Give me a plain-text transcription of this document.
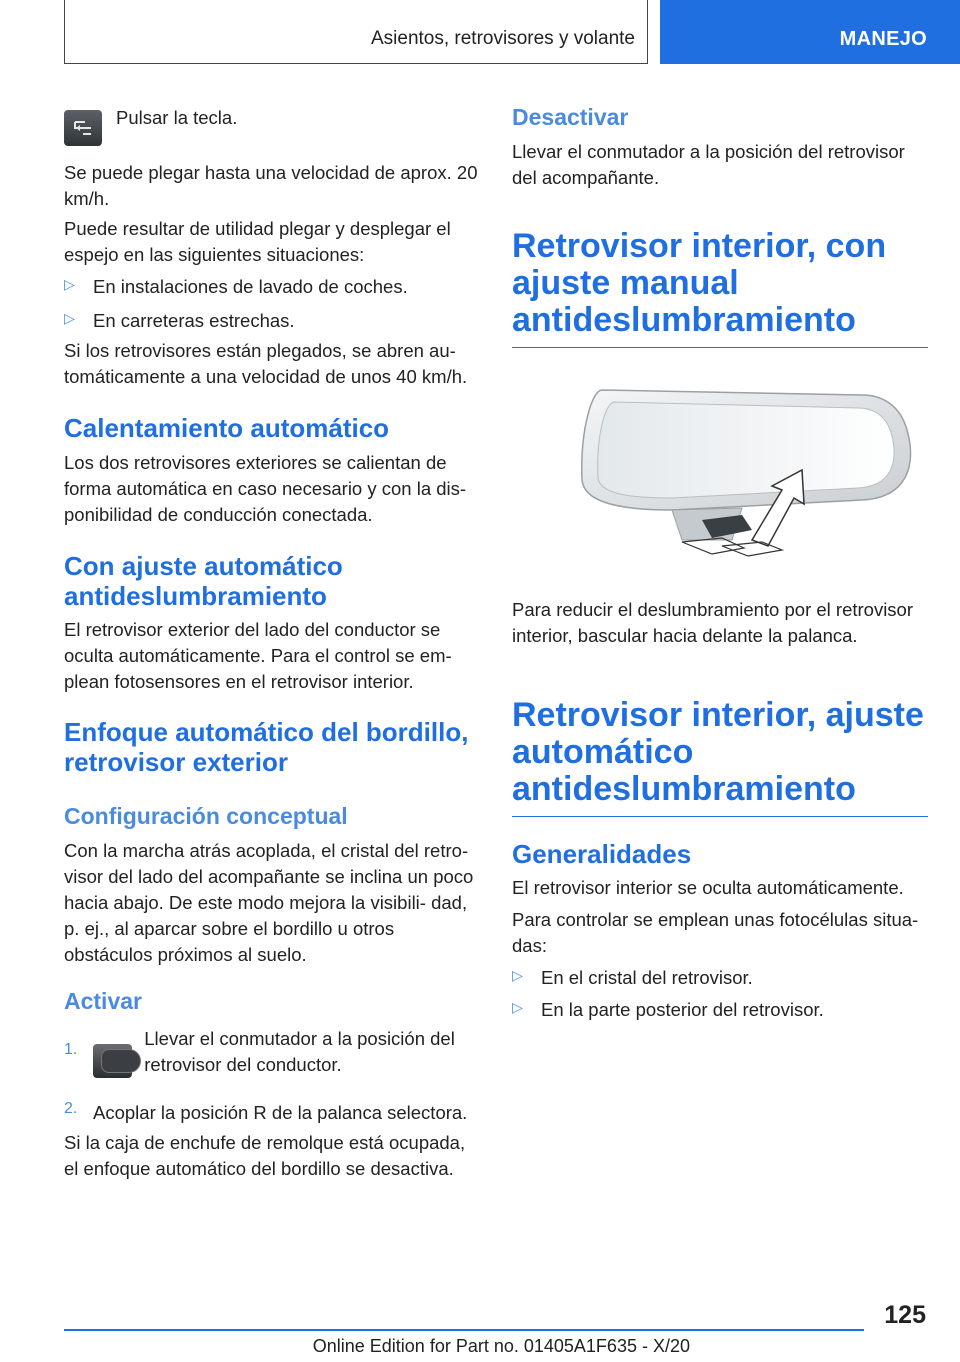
Asientos, retrovisores y volante	MANEJO

Pulsar la tecla.

Se puede plegar hasta una velocidad de aprox. 20 km/h.

Puede resultar de utilidad plegar y desplegar el espejo en las siguientes situaciones:

▷ En instalaciones de lavado de coches.

▷ En carreteras estrechas.

Si los retrovisores están plegados, se abren au- tomáticamente a una velocidad de unos 40 km/h.

Calentamiento automático

Los dos retrovisores exteriores se calientan de forma automática en caso necesario y con la dis- ponibilidad de conducción conectada.

Con ajuste automático antideslumbramiento

El retrovisor exterior del lado del conductor se oculta automáticamente. Para el control se em- plean fotosensores en el retrovisor interior.

Enfoque automático del bordillo, retrovisor exterior
Configuración conceptual

Con la marcha atrás acoplada, el cristal del retro- visor del lado del acompañante se inclina un poco hacia abajo. De este modo mejora la visibili- dad, p. ej., al aparcar sobre el bordillo u otros obstáculos próximos al suelo.

Activar
1.

Llevar el conmutador a la posición del retrovisor del conductor.

2. Acoplar la posición R de la palanca selectora.

Si la caja de enchufe de remolque está ocupada, el enfoque automático del bordillo se desactiva.

Desactivar

Llevar el conmutador a la posición del retrovisor del acompañante.

Retrovisor interior, con ajuste manual antideslumbramiento

Para reducir el deslumbramiento por el retrovisor interior, bascular hacia delante la palanca.

Retrovisor interior, ajuste automático antideslumbramiento
Generalidades

El retrovisor interior se oculta automáticamente.

Para controlar se emplean unas fotocélulas situa- das:

▷ En el cristal del retrovisor.

▷ En la parte posterior del retrovisor.

125
Online Edition for Part no. 01405A1F635 - X/20
